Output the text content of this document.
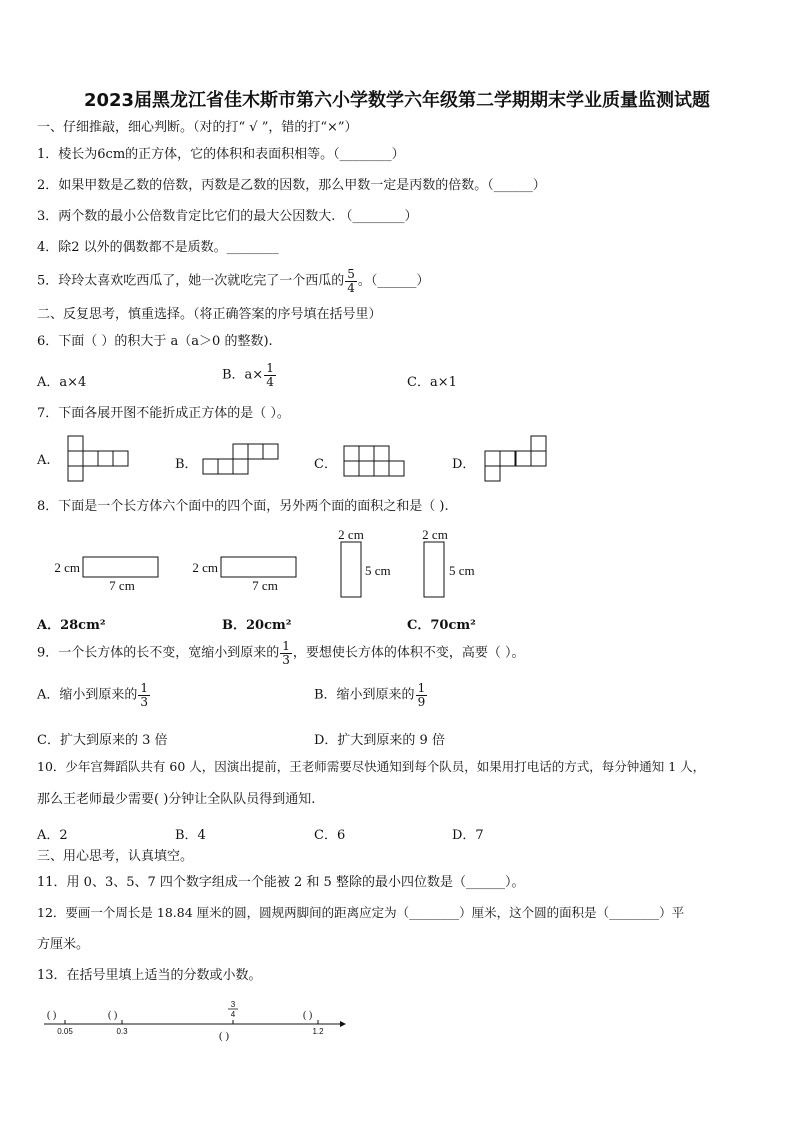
2023届黑龙江省佳木斯市第六小学数学六年级第二学期期末学业质量监测试题
一、仔细推敲，细心判断。（对的打“ √ ”，错的打“×”）
1．棱长为6cm的正方体，它的体积和表面积相等。（________）
2．如果甲数是乙数的倍数，丙数是乙数的因数，那么甲数一定是丙数的倍数。（______）
3．两个数的最小公倍数肯定比它们的最大公因数大. （________）
4．除2 以外的偶数都不是质数。________
5．玲玲太喜欢吃西瓜了，她一次就吃完了一个西瓜的 $\frac{5}{4}$ 。（______）
二、反复思考，慎重选择。（将正确答案的序号填在括号里）
6．下面（ ）的积大于 a（a＞0 的整数).
A．a×4	B．$a\times \frac{1}{4}$	C．a×1
7．下面各展开图不能折成正方体的是（ ）。
A.	B．	C．	D．
8．下面是一个长方体六个面中的四个面，另外两个面的面积之和是（ ).
2 cm
7 cm
2 cm
7 cm
2 cm
5 cm
2 cm
5 cm
A．28cm²	B．20cm²	C．70cm²
9．一个长方体的长不变，宽缩小到原来的 $\frac{1}{3}$ ，要想使长方体的体积不变，高要（ ）。
A．缩小到原来的 $\frac{1}{3}$	B．缩小到原来的 $\frac{1}{9}$
C．扩大到原来的 3 倍	D．扩大到原来的 9 倍
10．少年宫舞蹈队共有 60 人，因演出提前，王老师需要尽快通知到每个队员，如果用打电话的方式，每分钟通知 1 人，
那么王老师最少需要( )分钟让全队队员得到通知.
A．2	B．4	C．6	D．7
三、用心思考，认真填空。
11．用 0、3、5、7 四个数字组成一个能被 2 和 5 整除的最小四位数是（______）。
12．要画一个周长是 18.84 厘米的圆，圆规两脚间的距离应定为（________）厘米，这个圆的面积是（________）平
方厘米。
13．在括号里填上适当的分数或小数。
( )	( )	( )
3
4
0.05	0.3	1.2
( )
